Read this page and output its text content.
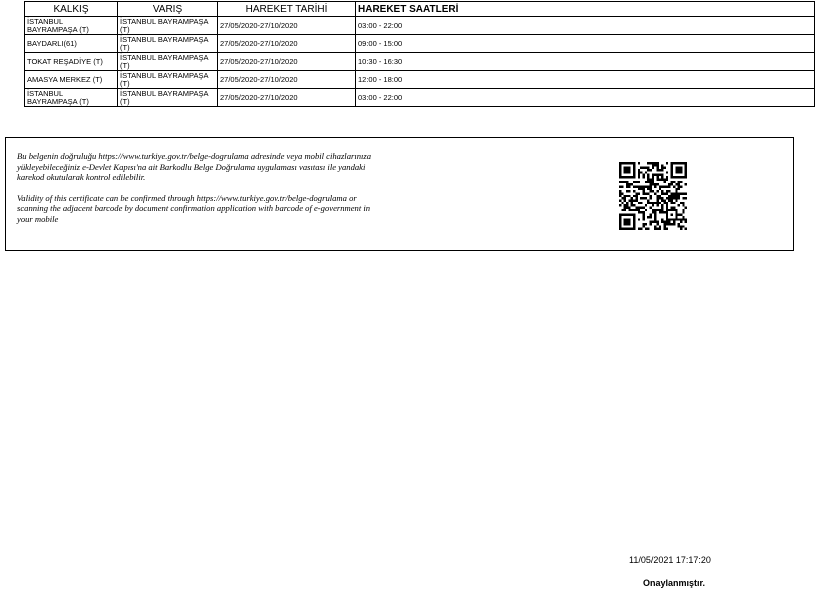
KALKIŞ	VARIŞ	HAREKET TARİHİ	HAREKET SAATLERİ
İSTANBUL BAYRAMPAŞA (T)	İSTANBUL BAYRAMPAŞA (T)	27/05/2020-27/10/2020	03:00 - 22:00
BAYDARLI(61)	İSTANBUL BAYRAMPAŞA (T)	27/05/2020-27/10/2020	09:00 - 15:00
TOKAT REŞADİYE (T)	İSTANBUL BAYRAMPAŞA (T)	27/05/2020-27/10/2020	10:30 - 16:30
AMASYA MERKEZ (T)	İSTANBUL BAYRAMPAŞA (T)	27/05/2020-27/10/2020	12:00 - 18:00
İSTANBUL BAYRAMPAŞA (T)	İSTANBUL BAYRAMPAŞA (T)	27/05/2020-27/10/2020	03:00 - 22:00

Bu belgenin doğruluğu https://www.turkiye.gov.tr/belge-dogrulama adresinde veya mobil cihazlarınıza yükleyebileceğiniz e-Devlet Kapısı'na ait Barkodlu Belge Doğrulama uygulaması vasıtası ile yandaki karekod okutularak kontrol edilebilir.

Validity of this certificate can be confirmed through https://www.turkiye.gov.tr/belge-dogrulama or scanning the adjacent barcode by document confirmation application with barcode of e-government in your mobile

11/05/2021 17:17:20
Onaylanmıştır.
